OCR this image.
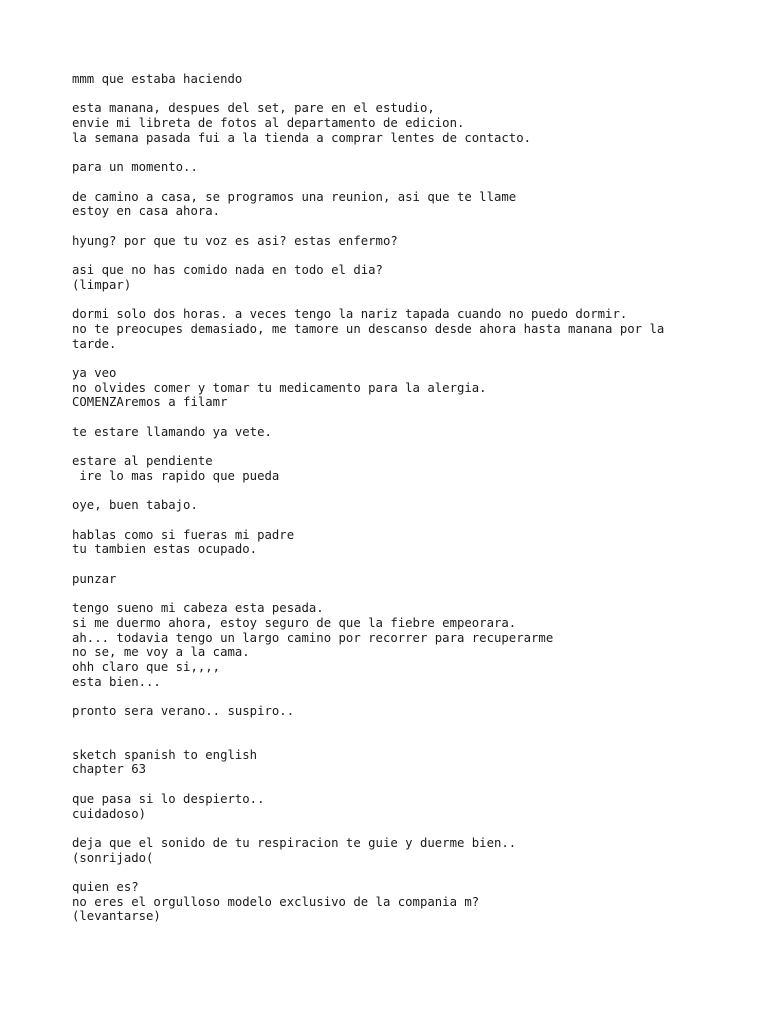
mmm que estaba haciendo
esta manana, despues del set, pare en el estudio,
envie mi libreta de fotos al departamento de edicion.
la semana pasada fui a la tienda a comprar lentes de contacto.
para un momento..
de camino a casa, se programos una reunion, asi que te llame
estoy en casa ahora.
hyung? por que tu voz es asi? estas enfermo?
asi que no has comido nada en todo el dia?
(limpar)
dormi solo dos horas. a veces tengo la nariz tapada cuando no puedo dormir.
no te preocupes demasiado, me tamore un descanso desde ahora hasta manana por la
tarde.
ya veo
no olvides comer y tomar tu medicamento para la alergia.
COMENZAremos a filamr
te estare llamando ya vete.
estare al pendiente
ire lo mas rapido que pueda
oye, buen tabajo.
hablas como si fueras mi padre
tu tambien estas ocupado.
punzar
tengo sueno mi cabeza esta pesada.
si me duermo ahora, estoy seguro de que la fiebre empeorara.
ah... todavia tengo un largo camino por recorrer para recuperarme
no se, me voy a la cama.
ohh claro que si,,,,
esta bien...
pronto sera verano.. suspiro..
sketch spanish to english
chapter 63
que pasa si lo despierto..
cuidadoso)
deja que el sonido de tu respiracion te guie y duerme bien..
(sonrijado(
quien es?
no eres el orgulloso modelo exclusivo de la compania m?
(levantarse)
